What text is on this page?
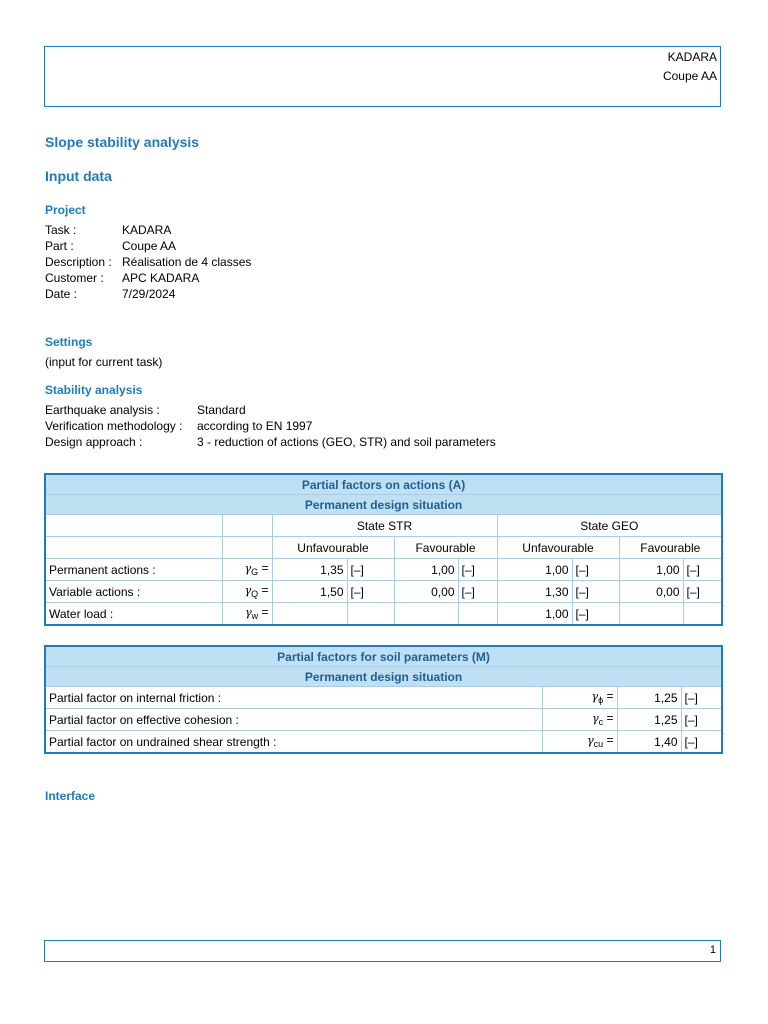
KADARA
Coupe AA
Slope stability analysis
Input data
Project
Task :	KADARA
Part :	Coupe AA
Description : Réalisation de 4 classes
Customer : APC KADARA
Date :	7/29/2024
Settings
(input for current task)
Stability analysis
Earthquake analysis :	Standard
Verification methodology : according to EN 1997
Design approach :	3 - reduction of actions (GEO, STR) and soil parameters
Partial factors on actions (A)									
Permanent design situation									
		State STR				State GEO			
		Unfavourable		Favourable		Unfavourable		Favourable	
Permanent actions :	$\gamma_G$ =	1,35	[–]	1,00	[–]	1,00	[–]	1,00	[–]
Variable actions :	$\gamma_Q$ =	1,50	[–]	0,00	[–]	1,30	[–]	0,00	[–]
Water load :	$\gamma_w$ =					1,00	[–]		
Partial factors for soil parameters (M)			
Permanent design situation			
Partial factor on internal friction :	$\gamma_\phi$ =	1,25	[–]
Partial factor on effective cohesion :	$\gamma_c$ =	1,25	[–]
Partial factor on undrained shear strength :	$\gamma_{cu}$ =	1,40	[–]
Interface
1
